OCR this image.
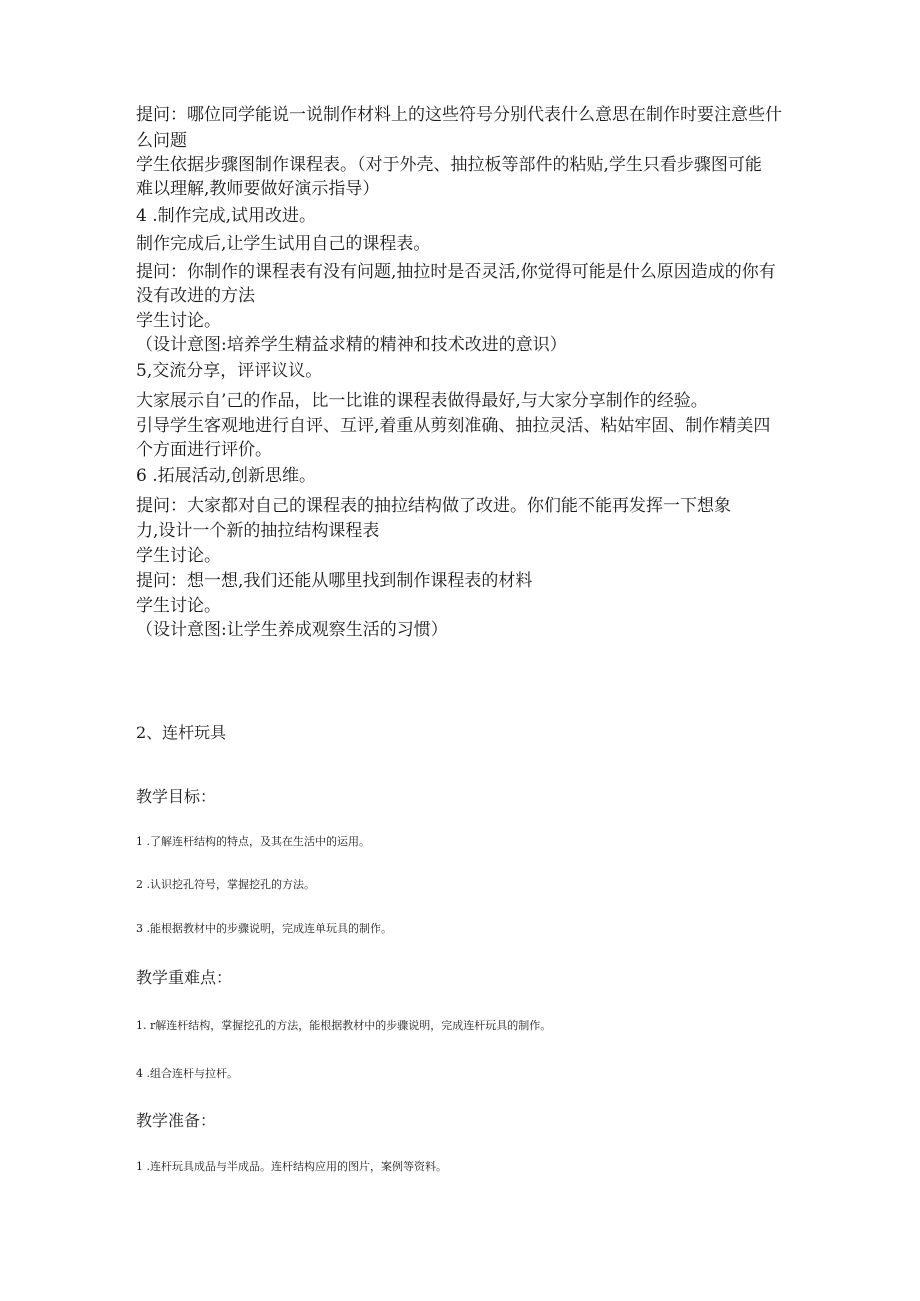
提问：哪位同学能说一说制作材料上的这些符号分别代表什么意思在制作时要注意些什

么问题

学生依据步骤图制作课程表。（对于外壳、抽拉板等部件的粘贴,学生只看步骤图可能

难以理解,教师要做好演示指导）

4 .制作完成,试用改进。

制作完成后,让学生试用自己的课程表。

提问：你制作的课程表有没有问题,抽拉时是否灵活,你觉得可能是什么原因造成的你有

没有改进的方法

学生讨论。

（设计意图:培养学生精益求精的精神和技术改进的意识）

5,交流分享，评评议议。

大家展示自’己的作品，比一比谁的课程表做得最好,与大家分享制作的经验。

引导学生客观地进行自评、互评,着重从剪刻准确、抽拉灵活、粘姑牢固、制作精美四

个方面进行评价。

6 .拓展活动,创新思维。

提问：大家都对自己的课程表的抽拉结构做了改进。你们能不能再发挥一下想象

力,设计一个新的抽拉结构课程表

学生讨论。

提问：想一想,我们还能从哪里找到制作课程表的材料

学生讨论。

（设计意图:让学生养成观察生活的习惯）

2、连杆玩具

教学目标：

1 .了解连杆结构的特点，及其在生活中的运用。

2 .认识挖孔符号，掌握挖孔的方法。

3 .能根据教材中的步骤说明，完成连单玩具的制作。

教学重难点：

1. r解连杆结构，掌握挖孔的方法，能根据教材中的步骤说明，完成连杆玩具的制作。

4 .组合连杆与拉杆。

教学准备：

1 .连杆玩具成品与半成品。连杆结构应用的图片，案例等资料。
